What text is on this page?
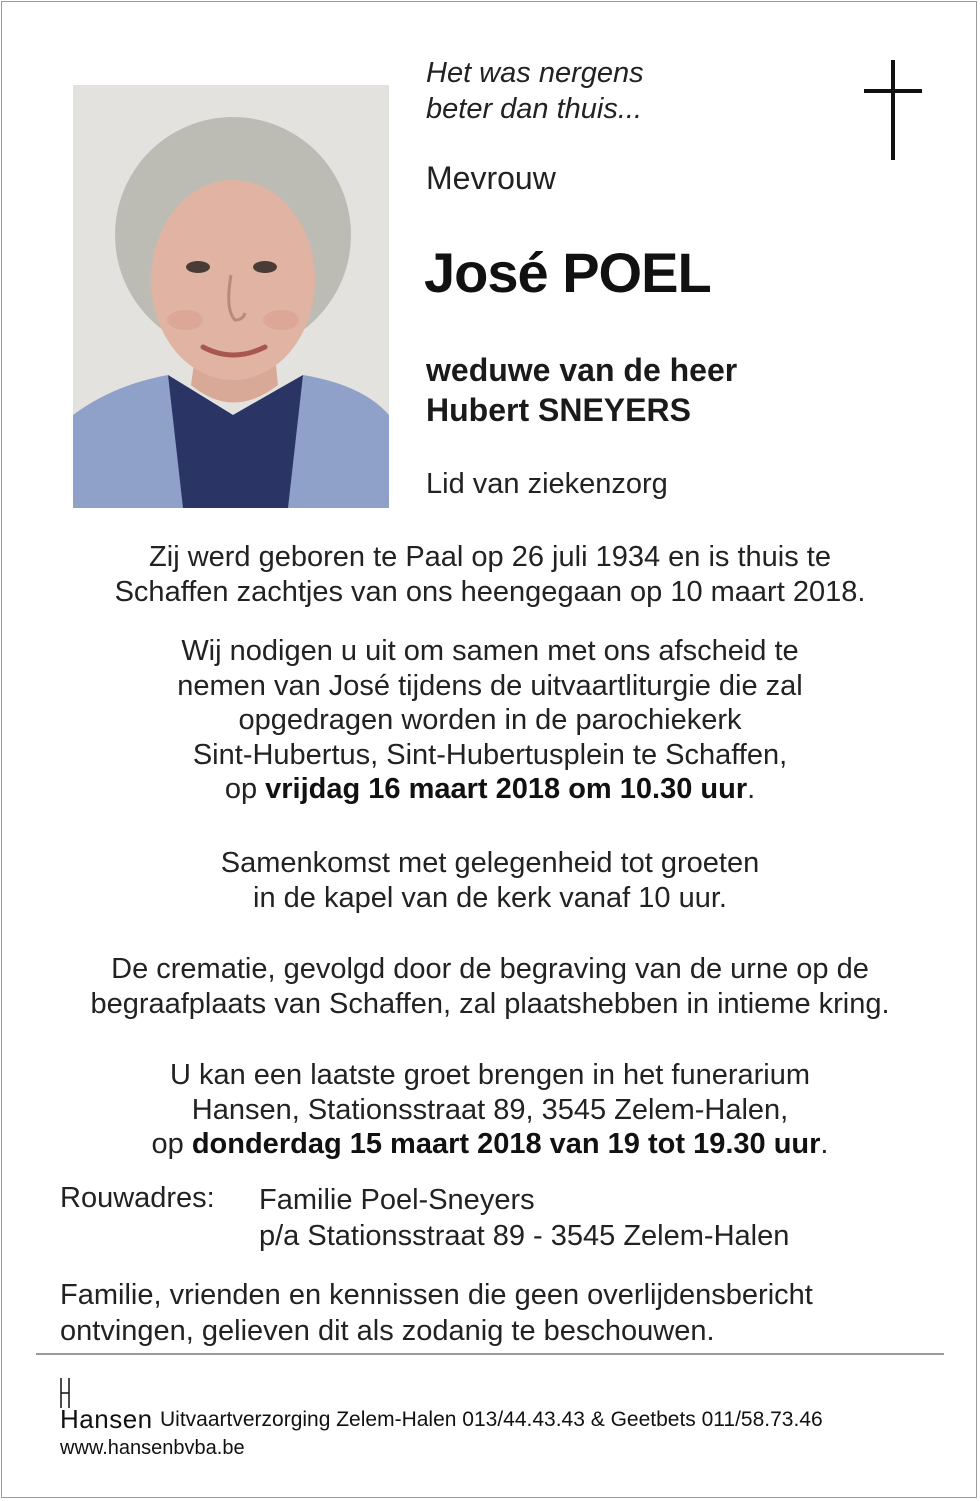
Het was nergens
beter dan thuis...
Mevrouw
José POEL
weduwe van de heer
Hubert SNEYERS
Lid van ziekenzorg
Zij werd geboren te Paal op 26 juli 1934 en is thuis te
Schaffen zachtjes van ons heengegaan op 10 maart 2018.
Wij nodigen u uit om samen met ons afscheid te
nemen van José tijdens de uitvaartliturgie die zal
opgedragen worden in de parochiekerk
Sint-Hubertus, Sint-Hubertusplein te Schaffen,
op vrijdag 16 maart 2018 om 10.30 uur.
Samenkomst met gelegenheid tot groeten
in de kapel van de kerk vanaf 10 uur.
De crematie, gevolgd door de begraving van de urne op de
begraafplaats van Schaffen, zal plaatshebben in intieme kring.
U kan een laatste groet brengen in het funerarium
Hansen, Stationsstraat 89, 3545 Zelem-Halen,
op donderdag 15 maart 2018 van 19 tot 19.30 uur.
Rouwadres: Familie Poel-Sneyers
p/a Stationsstraat 89 - 3545 Zelem-Halen
Familie, vrienden en kennissen die geen overlijdensbericht
ontvingen, gelieven dit als zodanig te beschouwen.
Hansen Uitvaartverzorging Zelem-Halen 013/44.43.43 & Geetbets 011/58.73.46
www.hansenbvba.be
